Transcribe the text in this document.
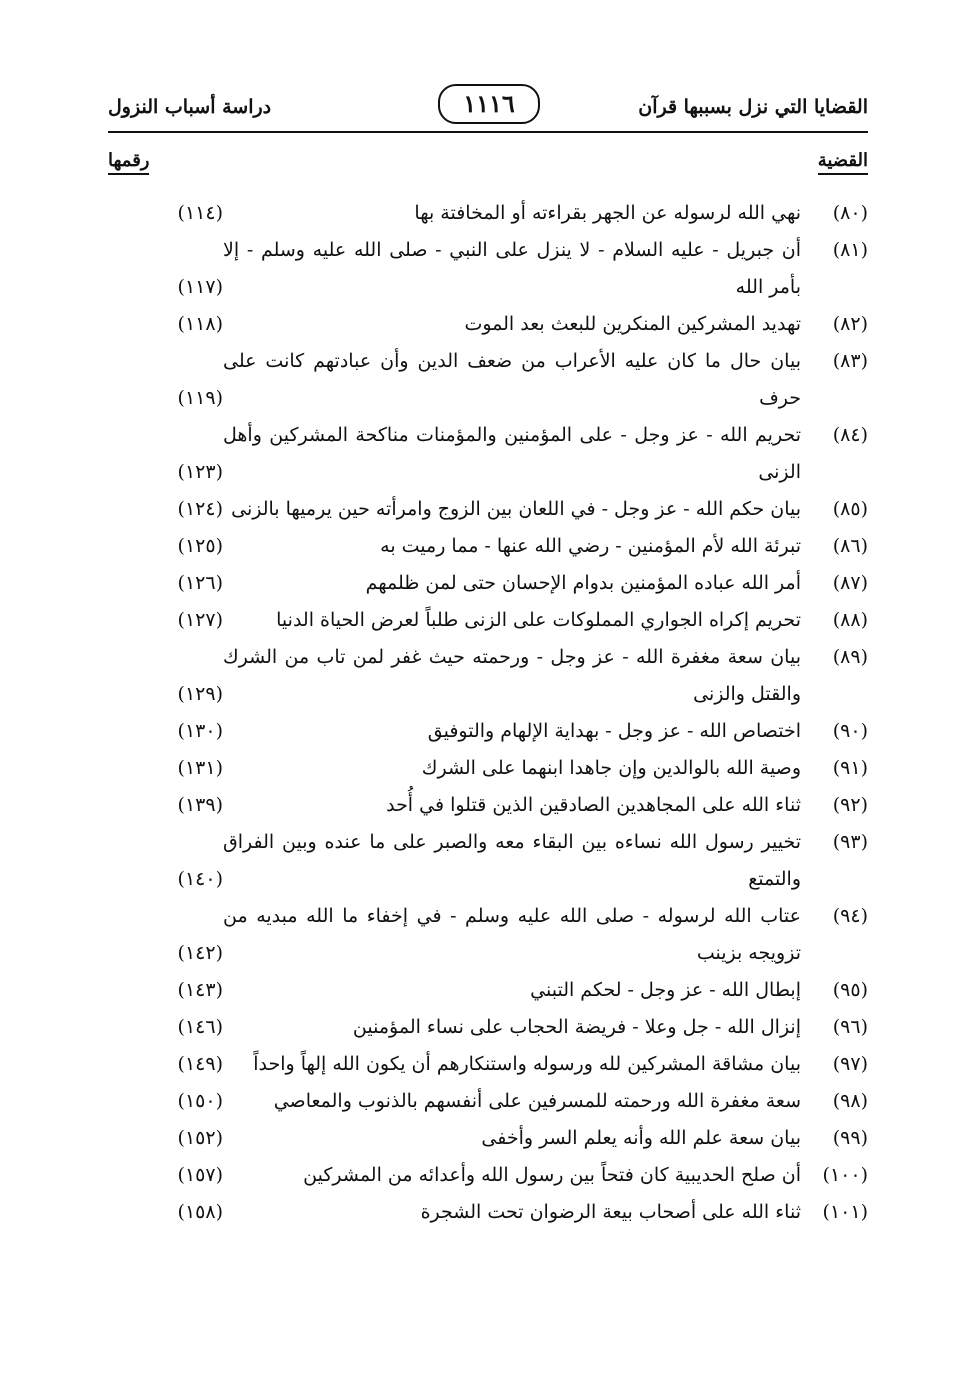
القضايا التي نزل بسببها قرآن
١١١٦
دراسة أسباب النزول
القضية
رقمها
(٨٠)
نهي الله لرسوله عن الجهر بقراءته أو المخافتة بها
(١١٤)
(٨١)
أن جبريل - عليه السلام - لا ينزل على النبي - صلى الله عليه وسلم - إلا بأمر الله
(١١٧)
(٨٢)
تهديد المشركين المنكرين للبعث بعد الموت
(١١٨)
(٨٣)
بيان حال ما كان عليه الأعراب من ضعف الدين وأن عبادتهم كانت على حرف
(١١٩)
(٨٤)
تحريم الله - عز وجل - على المؤمنين والمؤمنات مناكحة المشركين وأهل الزنى
(١٢٣)
(٨٥)
بيان حكم الله - عز وجل - في اللعان بين الزوج وامرأته حين يرميها بالزنى
(١٢٤)
(٨٦)
تبرئة الله لأم المؤمنين - رضي الله عنها - مما رميت به
(١٢٥)
(٨٧)
أمر الله عباده المؤمنين بدوام الإحسان حتى لمن ظلمهم
(١٢٦)
(٨٨)
تحريم إكراه الجواري المملوكات على الزنى طلباً لعرض الحياة الدنيا
(١٢٧)
(٨٩)
بيان سعة مغفرة الله - عز وجل - ورحمته حيث غفر لمن تاب من الشرك والقتل والزنى
(١٢٩)
(٩٠)
اختصاص الله - عز وجل - بهداية الإلهام والتوفيق
(١٣٠)
(٩١)
وصية الله بالوالدين وإن جاهدا ابنهما على الشرك
(١٣١)
(٩٢)
ثناء الله على المجاهدين الصادقين الذين قتلوا في أُحد
(١٣٩)
(٩٣)
تخيير رسول الله نساءه بين البقاء معه والصبر على ما عنده وبين الفراق والتمتع
(١٤٠)
(٩٤)
عتاب الله لرسوله - صلى الله عليه وسلم - في إخفاء ما الله مبديه من تزويجه بزينب
(١٤٢)
(٩٥)
إبطال الله - عز وجل - لحكم التبني
(١٤٣)
(٩٦)
إنزال الله - جل وعلا - فريضة الحجاب على نساء المؤمنين
(١٤٦)
(٩٧)
بيان مشاقة المشركين لله ورسوله واستنكارهم أن يكون الله إلهاً واحداً
(١٤٩)
(٩٨)
سعة مغفرة الله ورحمته للمسرفين على أنفسهم بالذنوب والمعاصي
(١٥٠)
(٩٩)
بيان سعة علم الله وأنه يعلم السر وأخفى
(١٥٢)
(١٠٠)
أن صلح الحديبية كان فتحاً بين رسول الله وأعدائه من المشركين
(١٥٧)
(١٠١)
ثناء الله على أصحاب بيعة الرضوان تحت الشجرة
(١٥٨)
